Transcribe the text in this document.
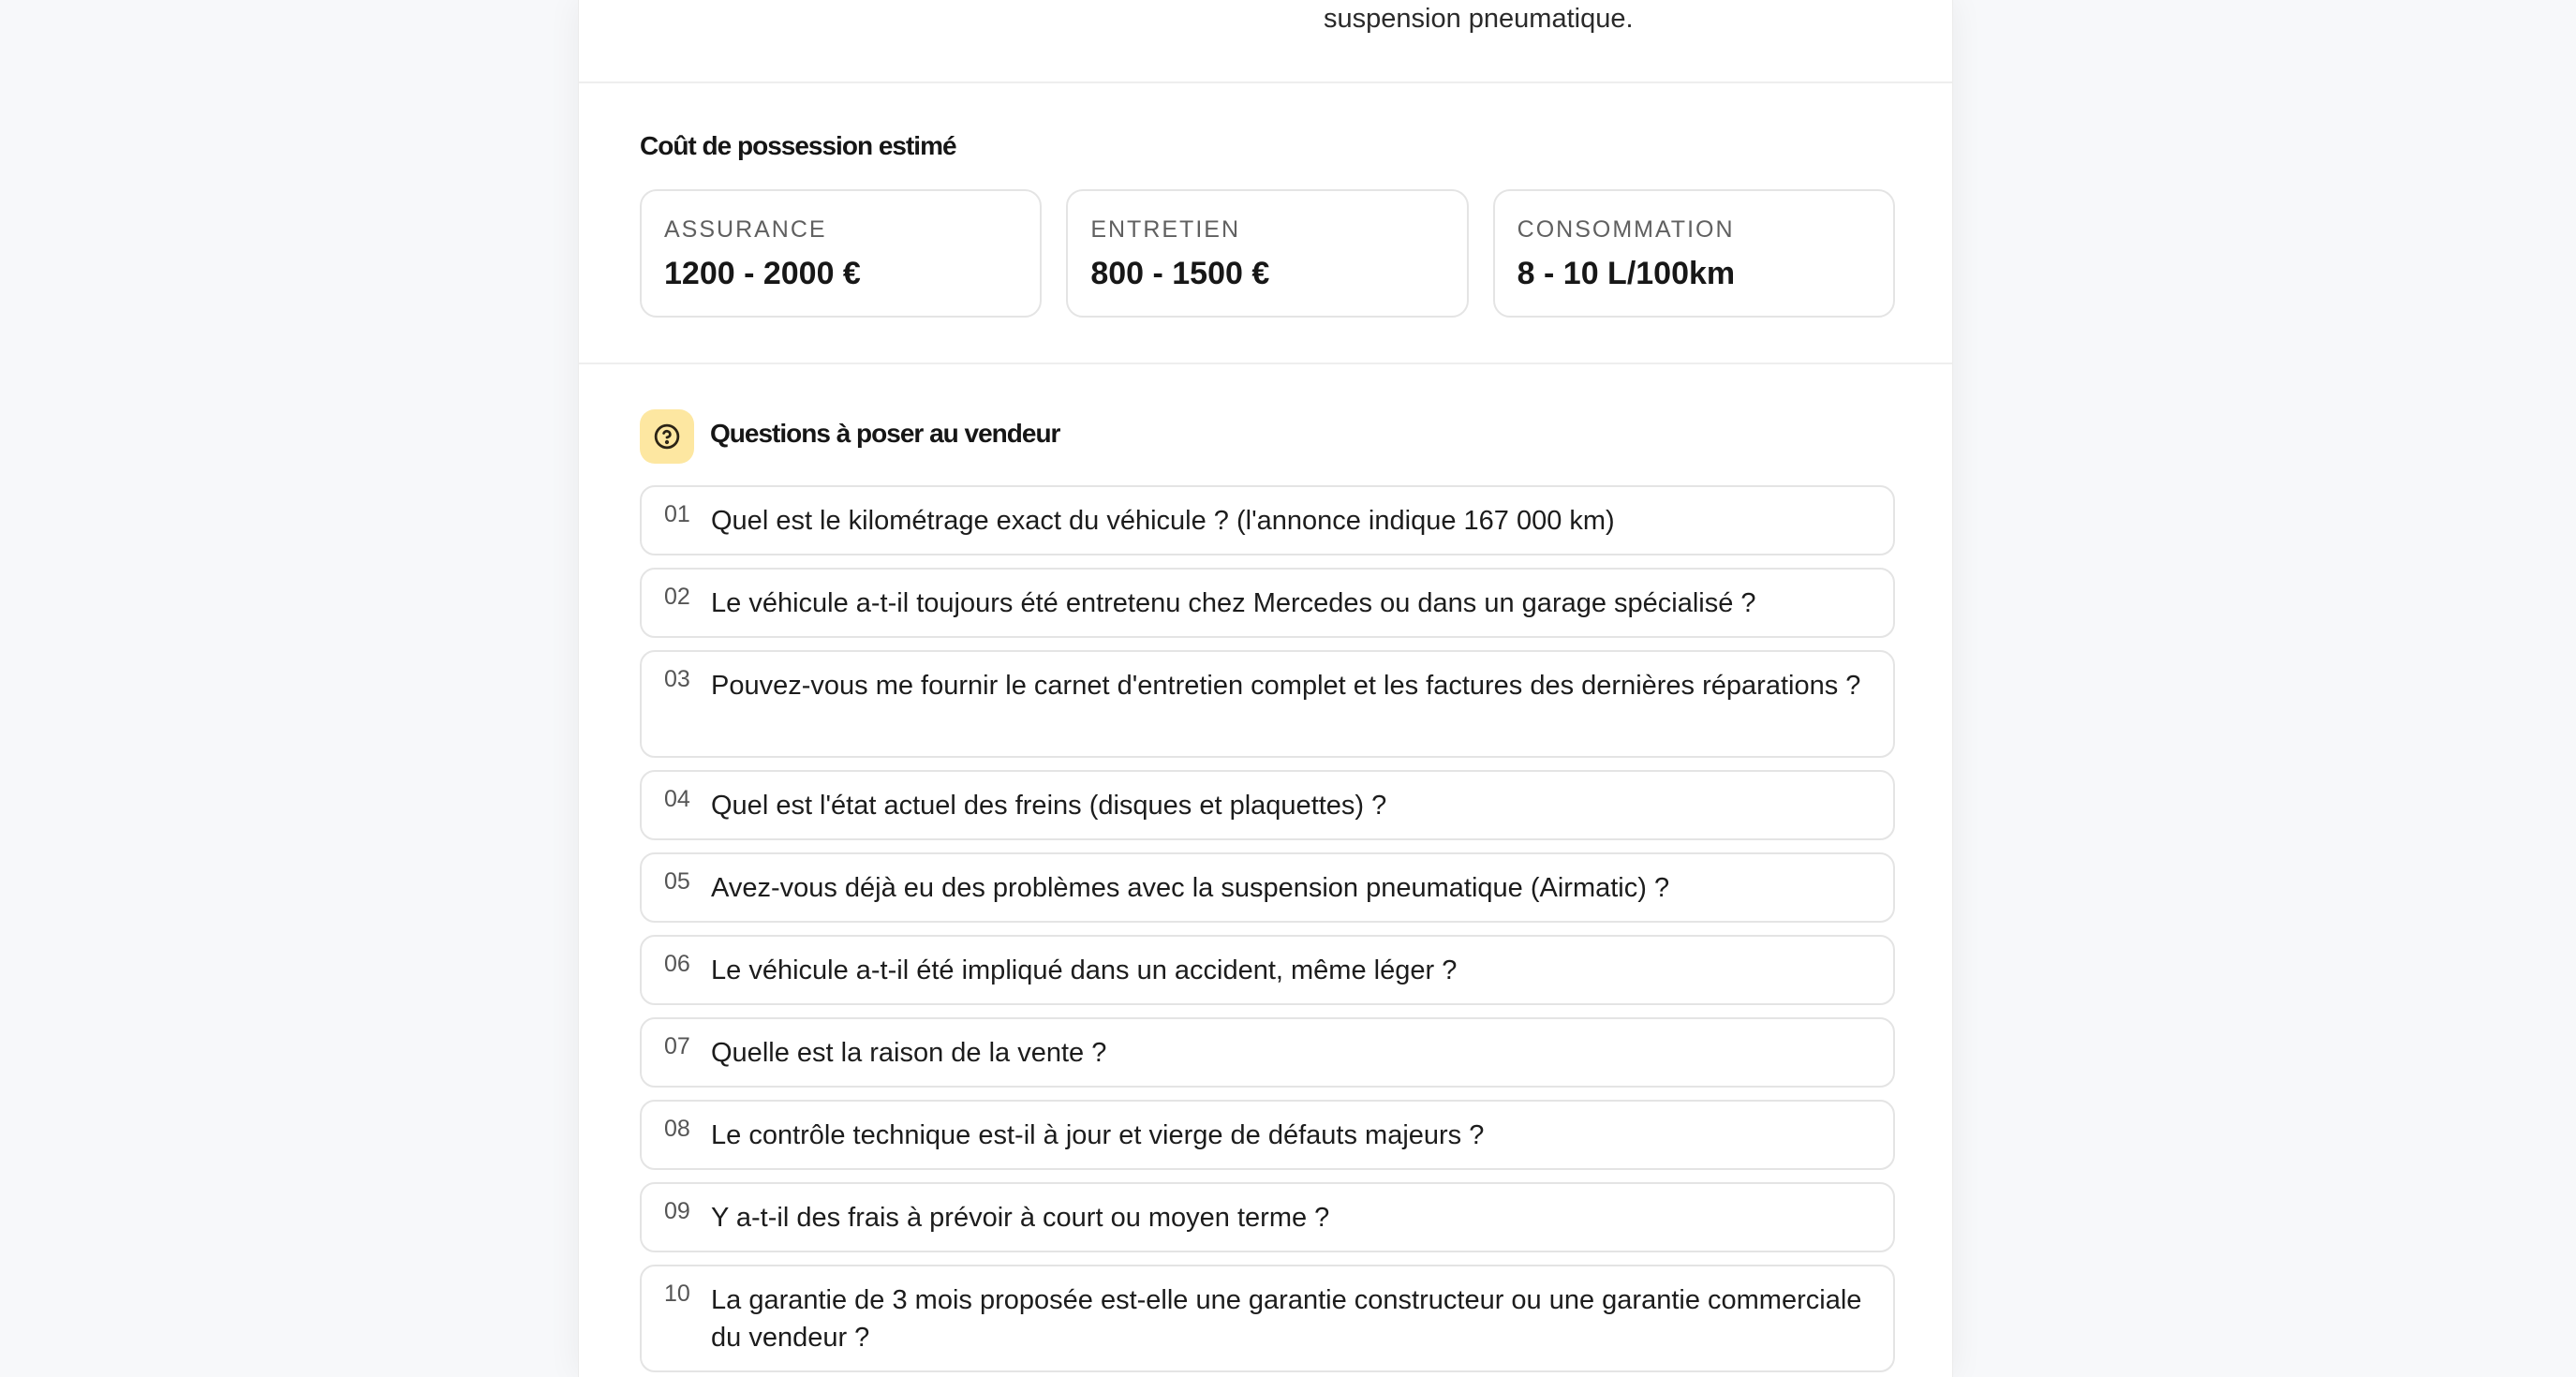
suspension pneumatique.
Coût de possession estimé
ASSURANCE
1200 - 2000 €
ENTRETIEN
800 - 1500 €
CONSOMMATION
8 - 10 L/100km
Questions à poser au vendeur
01 Quel est le kilométrage exact du véhicule ? (l'annonce indique 167 000 km)
02 Le véhicule a-t-il toujours été entretenu chez Mercedes ou dans un garage spécialisé ?
03 Pouvez-vous me fournir le carnet d'entretien complet et les factures des dernières réparations ?
04 Quel est l'état actuel des freins (disques et plaquettes) ?
05 Avez-vous déjà eu des problèmes avec la suspension pneumatique (Airmatic) ?
06 Le véhicule a-t-il été impliqué dans un accident, même léger ?
07 Quelle est la raison de la vente ?
08 Le contrôle technique est-il à jour et vierge de défauts majeurs ?
09 Y a-t-il des frais à prévoir à court ou moyen terme ?
10 La garantie de 3 mois proposée est-elle une garantie constructeur ou une garantie commerciale du vendeur ?
